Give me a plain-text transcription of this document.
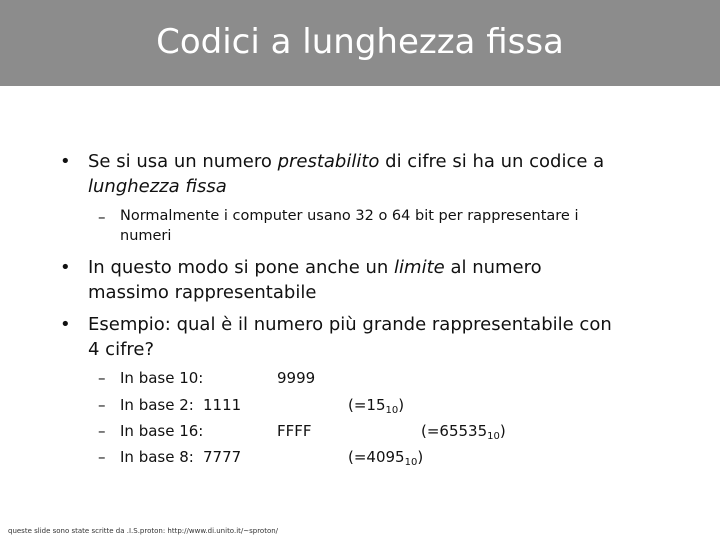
Codici a lunghezza fissa
• Se si usa un numero prestabilito di cifre si ha un codice a
lunghezza fissa
– Normalmente i computer usano 32 o 64 bit per rappresentare i
numeri
• In questo modo si pone anche un limite al numero
massimo rappresentabile
• Esempio: qual è il numero più grande rappresentabile con
4 cifre?
– In base 10:	9999
– In base 2: 1111	$(=15_{10})$
– In base 16:	FFFF	$(=65535_{10})$
– In base 8: 7777	$(=4095_{10})$
queste slide sono state scritte da .I.S.proton: http://www.di.unito.it/~sproton/
